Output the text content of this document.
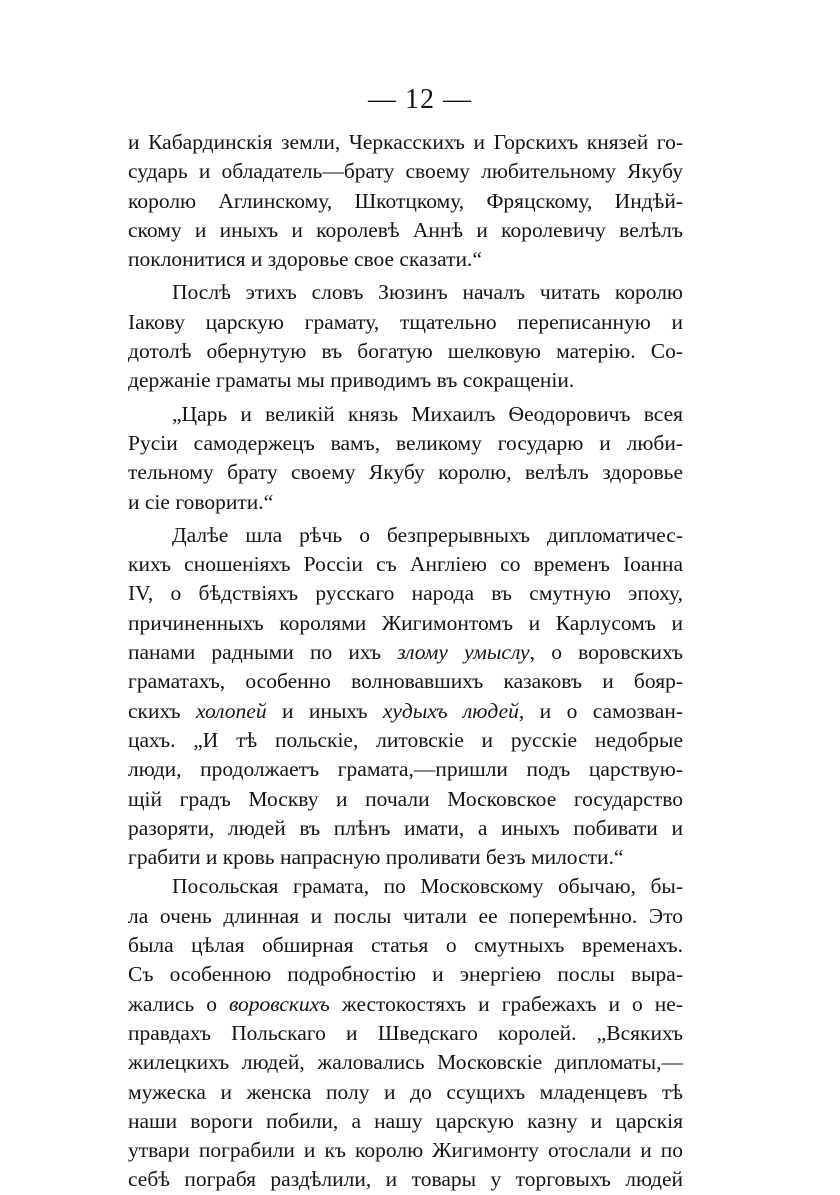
— 12 —
и Кабардинскія земли, Черкасскихъ и Горскихъ князей го-
сударь и обладатель—брату своему любительному Якубу
королю Аглинскому, Шкотцкому, Фряцскому, Индѣй-
скому и иныхъ и королевѣ Аннѣ и королевичу велѣлъ
поклонитися и здоровье свое сказати.“
Послѣ этихъ словъ Зюзинъ началъ читать королю
Іакову царскую грамату, тщательно переписанную и
дотолѣ обернутую въ богатую шелковую матерію. Со-
держаніе граматы мы приводимъ въ сокращеніи.
„Царь и великій князь Михаилъ Ѳеодоровичъ всея
Русіи самодержецъ вамъ, великому государю и люби-
тельному брату своему Якубу королю, велѣлъ здоровье
и сіе говорити.“
Далѣе шла рѣчь о безпрерывныхъ дипломатичес-
кихъ сношеніяхъ Россіи съ Англіею со временъ Іоанна
IV, о бѣдствіяхъ русскаго народа въ смутную эпоху,
причиненныхъ королями Жигимонтомъ и Карлусомъ и
панами радными по ихъ злому умыслу, о воровскихъ
граматахъ, особенно волновавшихъ казаковъ и бояр-
скихъ холопей и иныхъ худыхъ людей, и о самозван-
цахъ. „И тѣ польскіе, литовскіе и русскіе недобрые
люди, продолжаетъ грамата,—пришли подъ царствую-
щій градъ Москву и почали Московское государство
разоряти, людей въ плѣнъ имати, а иныхъ побивати и
грабити и кровь напрасную проливати безъ милости.“
Посольская грамата, по Московскому обычаю, бы-
ла очень длинная и послы читали ее поперемѣнно. Это
была цѣлая обширная статья о смутныхъ временахъ.
Съ особенною подробностію и энергіею послы выра-
жались о воровскихъ жестокостяхъ и грабежахъ и о не-
правдахъ Польскаго и Шведскаго королей. „Всякихъ
жилецкихъ людей, жаловались Московскіе дипломаты,—
мужеска и женска полу и до ссущихъ младенцевъ тѣ
наши вороги побили, а нашу царскую казну и царскія
утвари пограбили и къ королю Жигимонту отослали и по
себѣ пограбя раздѣлили, и товары у торговыхъ людей
